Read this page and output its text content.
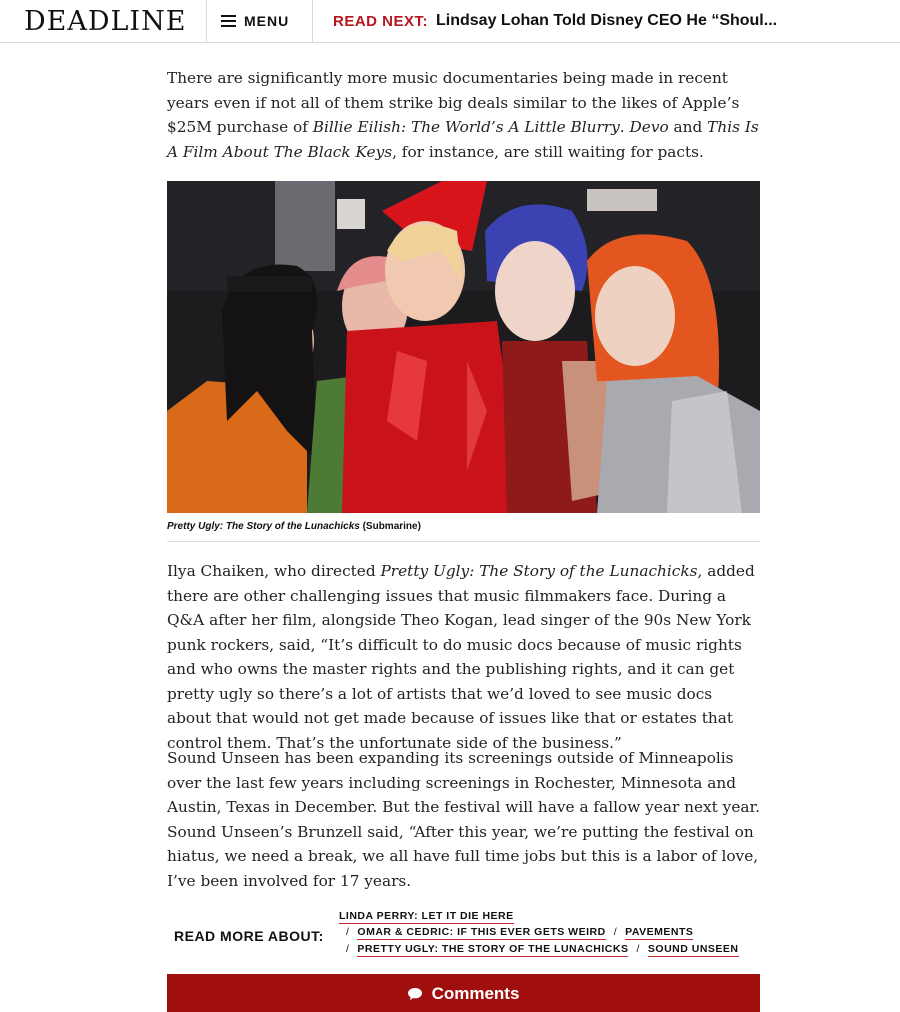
DEADLINE	MENU	READ NEXT: Lindsay Lohan Told Disney CEO He “Shoul...

There are significantly more music documentaries being made in recent years even if not all of them strike big deals similar to the likes of Apple’s $25M purchase of Billie Eilish: The World’s A Little Blurry. Devo and This Is A Film About The Black Keys, for instance, are still waiting for pacts.

Pretty Ugly: The Story of the Lunachicks (Submarine)

Ilya Chaiken, who directed Pretty Ugly: The Story of the Lunachicks, added there are other challenging issues that music filmmakers face. During a Q&A after her film, alongside Theo Kogan, lead singer of the 90s New York punk rockers, said, “It’s difficult to do music docs because of music rights and who owns the master rights and the publishing rights, and it can get pretty ugly so there’s a lot of artists that we’d loved to see music docs about that would not get made because of issues like that or estates that control them. That’s the unfortunate side of the business.”

Sound Unseen has been expanding its screenings outside of Minneapolis over the last few years including screenings in Rochester, Minnesota and Austin, Texas in December. But the festival will have a fallow year next year. Sound Unseen’s Brunzell said, “After this year, we’re putting the festival on hiatus, we need a break, we all have full time jobs but this is a labor of love, I’ve been involved for 17 years.

READ MORE ABOUT:
LINDA PERRY: LET IT DIE HERE
/ OMAR & CEDRIC: IF THIS EVER GETS WEIRD / PAVEMENTS
/ PRETTY UGLY: THE STORY OF THE LUNACHICKS / SOUND UNSEEN
Comments
